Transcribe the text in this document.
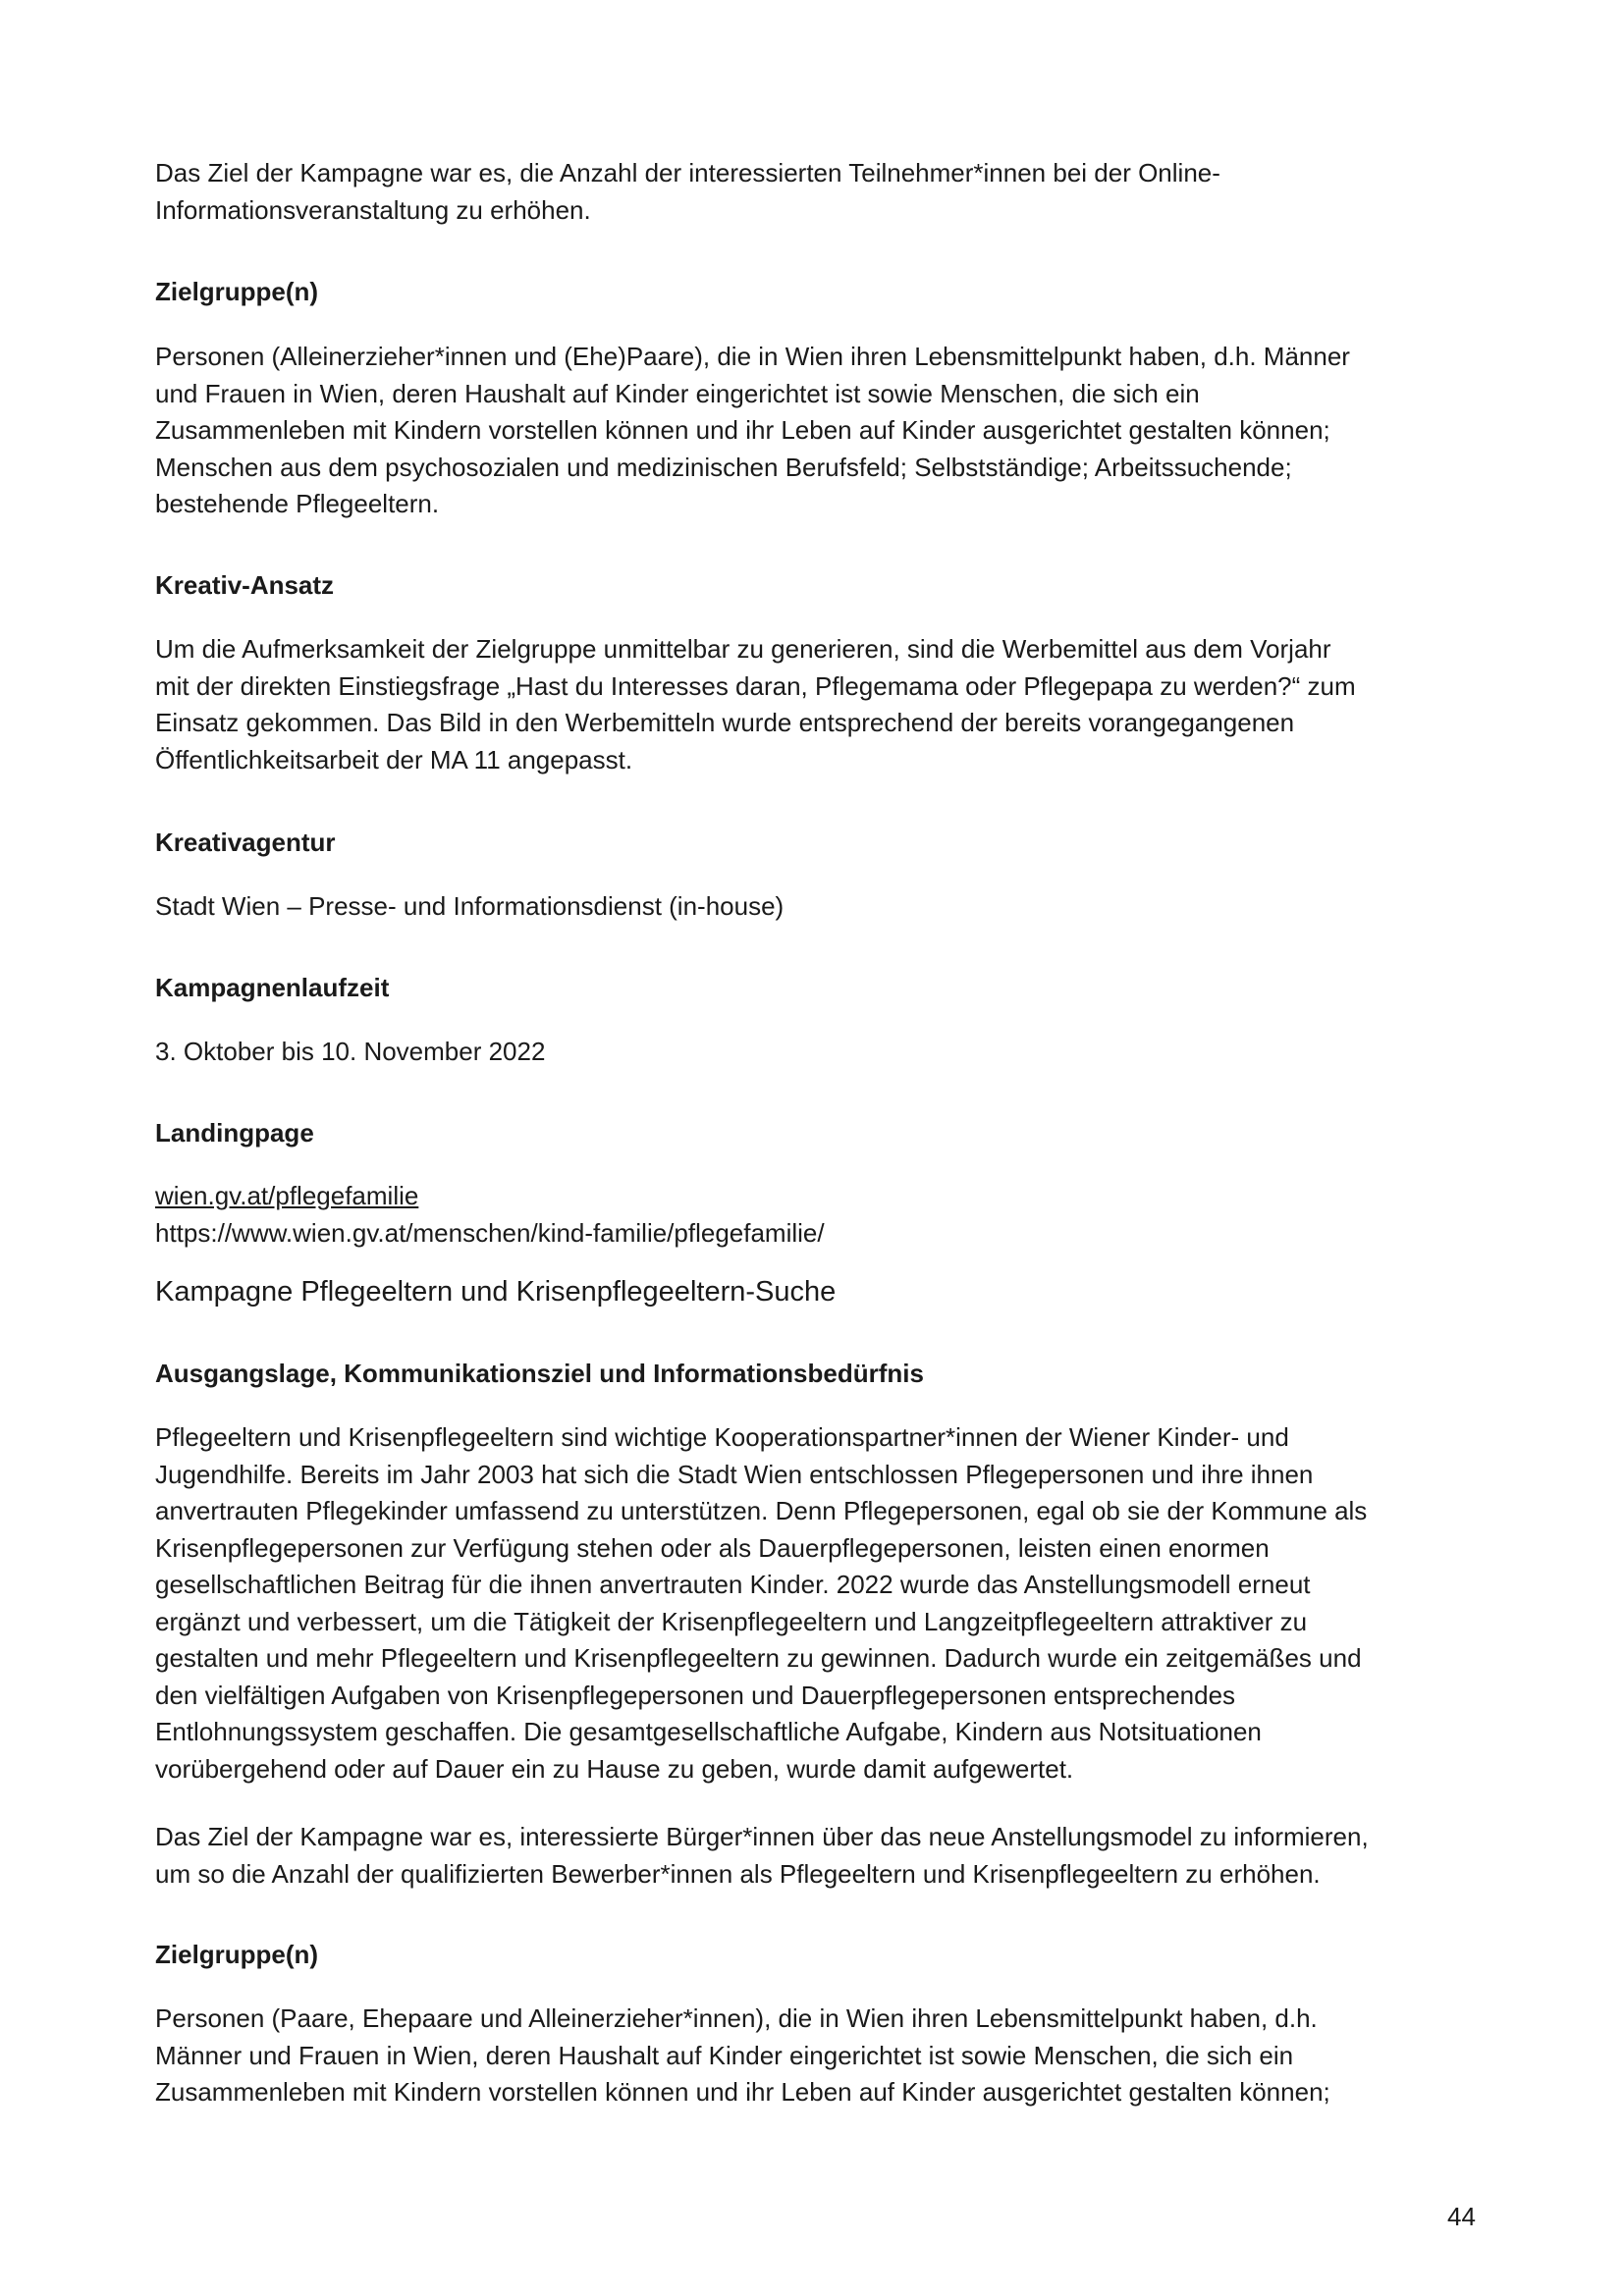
Das Ziel der Kampagne war es, die Anzahl der interessierten Teilnehmer*innen bei der Online-
Informationsveranstaltung zu erhöhen.
Zielgruppe(n)
Personen (Alleinerzieher*innen und (Ehe)Paare), die in Wien ihren Lebensmittelpunkt haben, d.h. Männer
und Frauen in Wien, deren Haushalt auf Kinder eingerichtet ist sowie Menschen, die sich ein
Zusammenleben mit Kindern vorstellen können und ihr Leben auf Kinder ausgerichtet gestalten können;
Menschen aus dem psychosozialen und medizinischen Berufsfeld; Selbstständige; Arbeitssuchende;
bestehende Pflegeeltern.
Kreativ-Ansatz
Um die Aufmerksamkeit der Zielgruppe unmittelbar zu generieren, sind die Werbemittel aus dem Vorjahr
mit der direkten Einstiegsfrage „Hast du Interesses daran, Pflegemama oder Pflegepapa zu werden?“ zum
Einsatz gekommen. Das Bild in den Werbemitteln wurde entsprechend der bereits vorangegangenen
Öffentlichkeitsarbeit der MA 11 angepasst.
Kreativagentur
Stadt Wien – Presse- und Informationsdienst (in-house)
Kampagnenlaufzeit
3. Oktober bis 10. November 2022
Landingpage
wien.gv.at/pflegefamilie
https://www.wien.gv.at/menschen/kind-familie/pflegefamilie/
Kampagne Pflegeeltern und Krisenpflegeeltern-Suche
Ausgangslage, Kommunikationsziel und Informationsbedürfnis
Pflegeeltern und Krisenpflegeeltern sind wichtige Kooperationspartner*innen der Wiener Kinder- und
Jugendhilfe. Bereits im Jahr 2003 hat sich die Stadt Wien entschlossen Pflegepersonen und ihre ihnen
anvertrauten Pflegekinder umfassend zu unterstützen. Denn Pflegepersonen, egal ob sie der Kommune als
Krisenpflegepersonen zur Verfügung stehen oder als Dauerpflegepersonen, leisten einen enormen
gesellschaftlichen Beitrag für die ihnen anvertrauten Kinder. 2022 wurde das Anstellungsmodell erneut
ergänzt und verbessert, um die Tätigkeit der Krisenpflegeeltern und Langzeitpflegeeltern attraktiver zu
gestalten und mehr Pflegeeltern und Krisenpflegeeltern zu gewinnen. Dadurch wurde ein zeitgemäßes und
den vielfältigen Aufgaben von Krisenpflegepersonen und Dauerpflegepersonen entsprechendes
Entlohnungssystem geschaffen. Die gesamtgesellschaftliche Aufgabe, Kindern aus Notsituationen
vorübergehend oder auf Dauer ein zu Hause zu geben, wurde damit aufgewertet.
Das Ziel der Kampagne war es, interessierte Bürger*innen über das neue Anstellungsmodel zu informieren,
um so die Anzahl der qualifizierten Bewerber*innen als Pflegeeltern und Krisenpflegeeltern zu erhöhen.
Zielgruppe(n)
Personen (Paare, Ehepaare und Alleinerzieher*innen), die in Wien ihren Lebensmittelpunkt haben, d.h.
Männer und Frauen in Wien, deren Haushalt auf Kinder eingerichtet ist sowie Menschen, die sich ein
Zusammenleben mit Kindern vorstellen können und ihr Leben auf Kinder ausgerichtet gestalten können;
44
